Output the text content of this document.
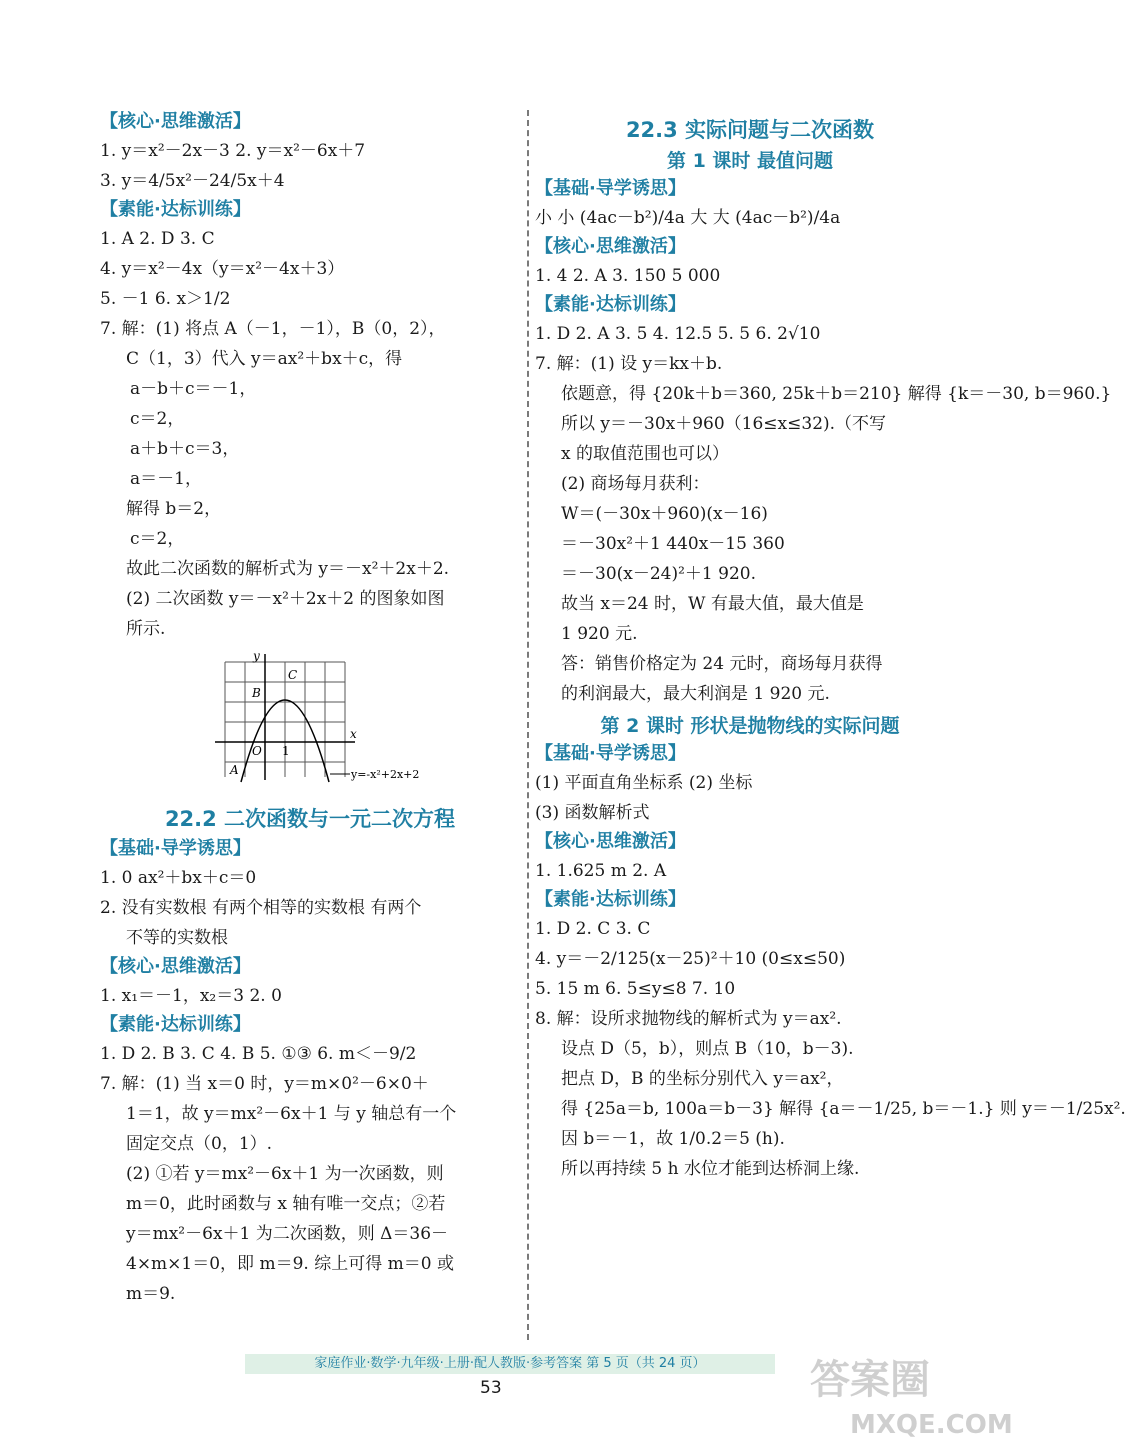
【核心·思维激活】

1. y＝x²－2x－3 2. y＝x²－6x＋7

3. y＝4/5x²－24/5x＋4

【素能·达标训练】

1. A 2. D 3. C

4. y＝x²－4x（y＝x²－4x＋3）

5. －1 6. x＞1/2

7. 解：(1) 将点 A（－1，－1），B（0，2），

C（1，3）代入 y＝ax²＋bx＋c，得

a－b＋c＝－1，

c＝2，

a＋b＋c＝3，

a＝－1，

解得 b＝2，

c＝2，

故此二次函数的解析式为 y＝－x²＋2x＋2.

(2) 二次函数 y＝－x²＋2x＋2 的图象如图

所示.

y
x
O 1
A
B
C
y=-x²+2x+2

22.2 二次函数与一元二次方程

【基础·导学诱思】

1. 0 ax²＋bx＋c＝0

2. 没有实数根 有两个相等的实数根 有两个

不等的实数根

【核心·思维激活】

1. x₁＝－1，x₂＝3 2. 0

【素能·达标训练】

1. D 2. B 3. C 4. B 5. ①③ 6. m＜－9/2

7. 解：(1) 当 x＝0 时，y＝m×0²－6×0＋

1＝1，故 y＝mx²－6x＋1 与 y 轴总有一个

固定交点（0，1）.

(2) ①若 y＝mx²－6x＋1 为一次函数，则

m＝0，此时函数与 x 轴有唯一交点；②若

y＝mx²－6x＋1 为二次函数，则 Δ＝36－

4×m×1＝0，即 m＝9. 综上可得 m＝0 或

m＝9.

22.3 实际问题与二次函数

第 1 课时 最值问题

【基础·导学诱思】

小 小 (4ac－b²)/4a 大 大 (4ac－b²)/4a

【核心·思维激活】

1. 4 2. A 3. 150 5 000

【素能·达标训练】

1. D 2. A 3. 5 4. 12.5 5. 5 6. 2√10

7. 解：(1) 设 y＝kx＋b.

依题意，得 {20k＋b＝360, 25k＋b＝210} 解得 {k＝－30, b＝960.}

所以 y＝－30x＋960（16≤x≤32).（不写

x 的取值范围也可以）

(2) 商场每月获利：

W＝(－30x＋960)(x－16)

＝－30x²＋1 440x－15 360

＝－30(x－24)²＋1 920.

故当 x＝24 时，W 有最大值，最大值是

1 920 元.

答：销售价格定为 24 元时，商场每月获得

的利润最大，最大利润是 1 920 元.

第 2 课时 形状是抛物线的实际问题

【基础·导学诱思】

(1) 平面直角坐标系 (2) 坐标

(3) 函数解析式

【核心·思维激活】

1. 1.625 m 2. A

【素能·达标训练】

1. D 2. C 3. C

4. y＝－2/125(x－25)²＋10 (0≤x≤50)

5. 15 m 6. 5≤y≤8 7. 10

8. 解：设所求抛物线的解析式为 y＝ax².

设点 D（5，b），则点 B（10，b－3).

把点 D，B 的坐标分别代入 y＝ax²，

得 {25a＝b, 100a＝b－3} 解得 {a＝－1/25, b＝－1.} 则 y＝－1/25x².

因 b＝－1，故 1/0.2＝5 (h).

所以再持续 5 h 水位才能到达桥洞上缘.

家庭作业·数学·九年级·上册·配人教版·参考答案 第 5 页（共 24 页）
53	答案圈
MXQE.COM
